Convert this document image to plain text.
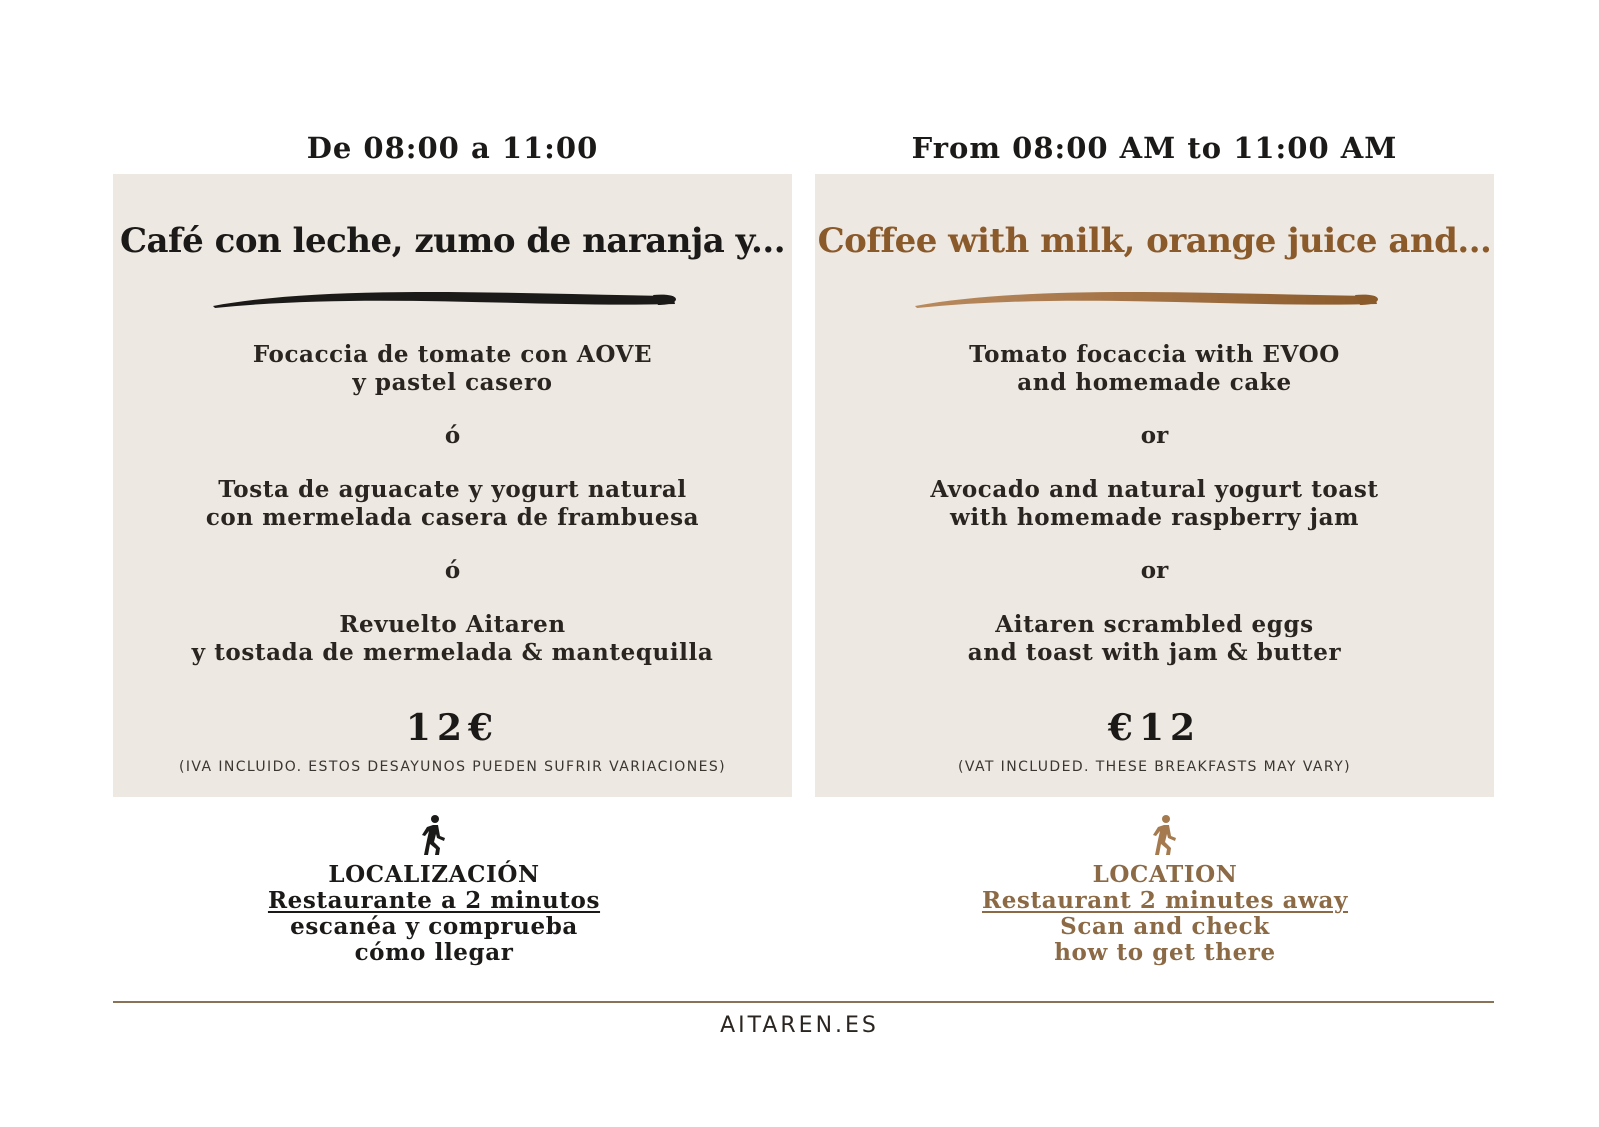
De 08:00 a 11:00
Café con leche, zumo de naranja y...
Focaccia de tomate con AOVE
y pastel casero
ó
Tosta de aguacate y yogurt natural
con mermelada casera de frambuesa
ó
Revuelto Aitaren
y tostada de mermelada & mantequilla
12€
(IVA INCLUIDO. ESTOS DESAYUNOS PUEDEN SUFRIR VARIACIONES)
From 08:00 AM to 11:00 AM
Coffee with milk, orange juice and...
Tomato focaccia with EVOO
and homemade cake
or
Avocado and natural yogurt toast
with homemade raspberry jam
or
Aitaren scrambled eggs
and toast with jam & butter
€12
(VAT INCLUDED. THESE BREAKFASTS MAY VARY)
LOCALIZACIÓN
Restaurante a 2 minutos
escanéa y comprueba
cómo llegar
LOCATION
Restaurant 2 minutes away
Scan and check
how to get there
AITAREN.ES
